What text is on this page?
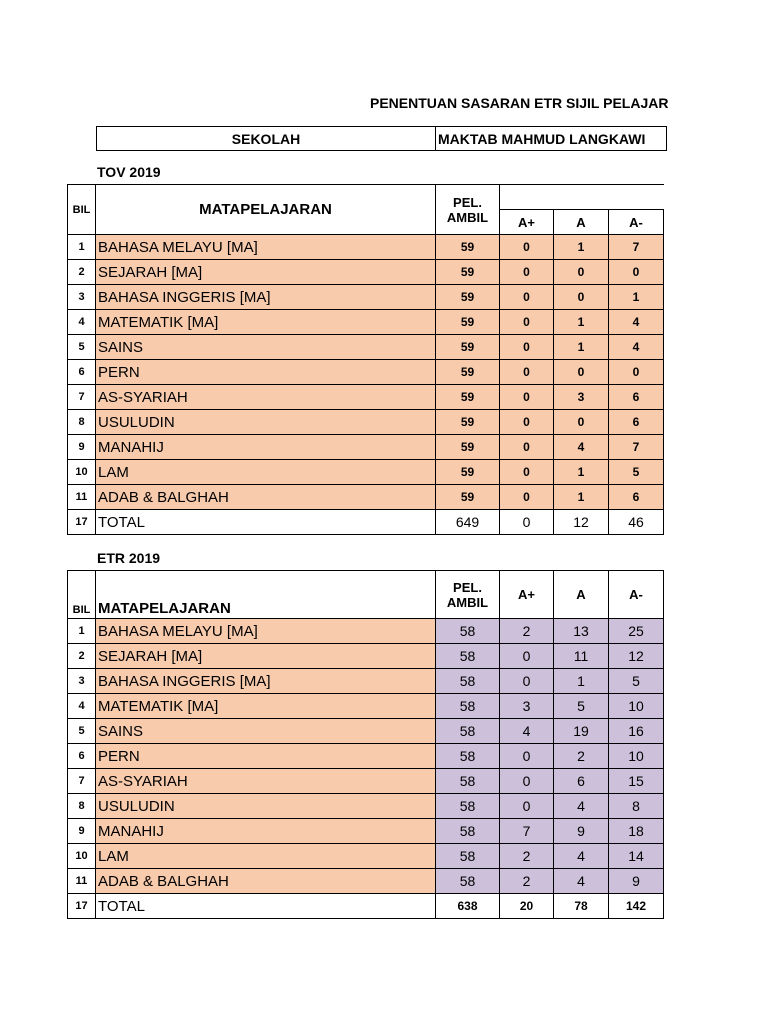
PENENTUAN SASARAN ETR SIJIL PELAJAR
SEKOLAH	MAKTAB MAHMUD LANGKAWI
TOV 2019
BIL	MATAPELAJARAN	PEL.
AMBIL			
			A+	A	A-
1	BAHASA MELAYU [MA]	59	0	1	7
2	SEJARAH [MA]	59	0	0	0
3	BAHASA INGGERIS [MA]	59	0	0	1
4	MATEMATIK [MA]	59	0	1	4
5	SAINS	59	0	1	4
6	PERN	59	0	0	0
7	AS-SYARIAH	59	0	3	6
8	USULUDIN	59	0	0	6
9	MANAHIJ	59	0	4	7
10	LAM	59	0	1	5
11	ADAB & BALGHAH	59	0	1	6
17	TOTAL	649	0	12	46
ETR 2019
BIL	MATAPELAJARAN	PEL.
AMBIL	A+	A	A-
1	BAHASA MELAYU [MA]	58	2	13	25
2	SEJARAH [MA]	58	0	11	12
3	BAHASA INGGERIS [MA]	58	0	1	5
4	MATEMATIK [MA]	58	3	5	10
5	SAINS	58	4	19	16
6	PERN	58	0	2	10
7	AS-SYARIAH	58	0	6	15
8	USULUDIN	58	0	4	8
9	MANAHIJ	58	7	9	18
10	LAM	58	2	4	14
11	ADAB & BALGHAH	58	2	4	9
17	TOTAL	638	20	78	142
